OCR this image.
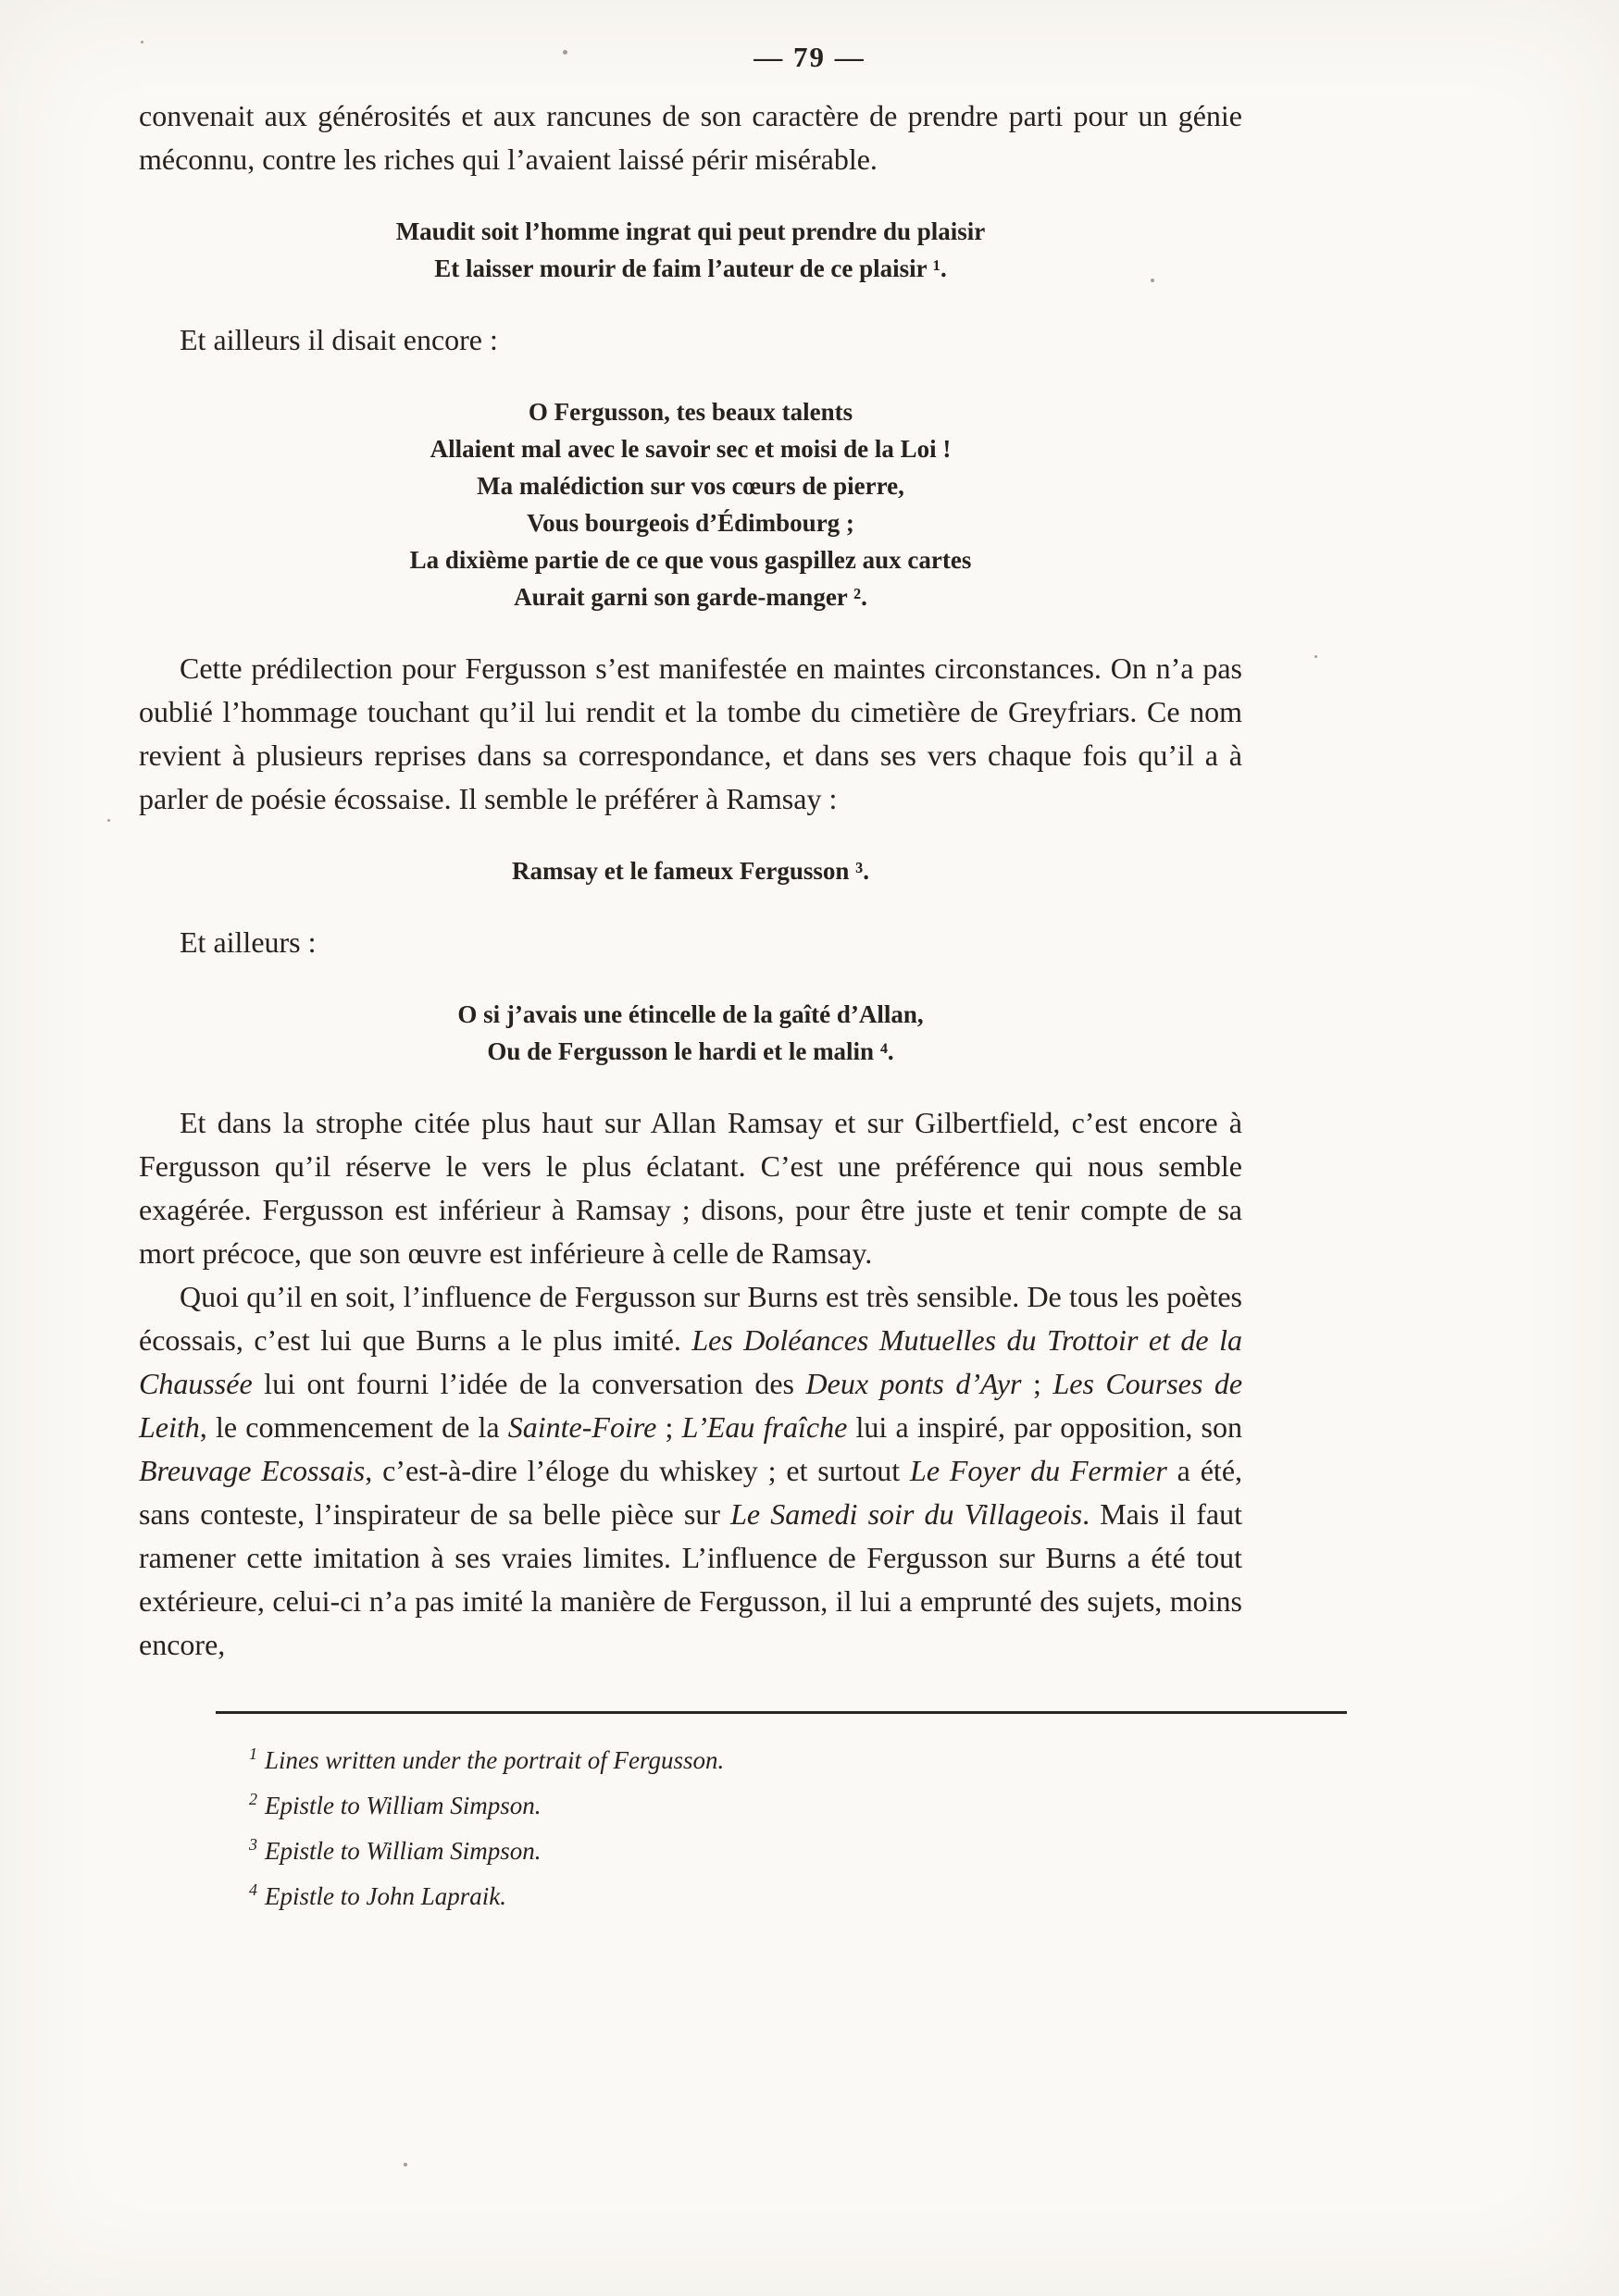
— 79 —

convenait aux générosités et aux rancunes de son caractère de prendre parti pour un génie méconnu, contre les riches qui l’avaient laissé périr misérable.

Maudit soit l’homme ingrat qui peut prendre du plaisir
Et laisser mourir de faim l’auteur de ce plaisir ¹.

Et ailleurs il disait encore :

O Fergusson, tes beaux talents
Allaient mal avec le savoir sec et moisi de la Loi !
Ma malédiction sur vos cœurs de pierre,
Vous bourgeois d’Édimbourg ;
La dixième partie de ce que vous gaspillez aux cartes
Aurait garni son garde-manger ².

Cette prédilection pour Fergusson s’est manifestée en maintes circonstances. On n’a pas oublié l’hommage touchant qu’il lui rendit et la tombe du cimetière de Greyfriars. Ce nom revient à plusieurs reprises dans sa correspondance, et dans ses vers chaque fois qu’il a à parler de poésie écossaise. Il semble le préférer à Ramsay :

Ramsay et le fameux Fergusson ³.

Et ailleurs :

O si j’avais une étincelle de la gaîté d’Allan,
Ou de Fergusson le hardi et le malin ⁴.

Et dans la strophe citée plus haut sur Allan Ramsay et sur Gilbertfield, c’est encore à Fergusson qu’il réserve le vers le plus éclatant. C’est une préférence qui nous semble exagérée. Fergusson est inférieur à Ramsay ; disons, pour être juste et tenir compte de sa mort précoce, que son œuvre est inférieure à celle de Ramsay.

Quoi qu’il en soit, l’influence de Fergusson sur Burns est très sensible. De tous les poètes écossais, c’est lui que Burns a le plus imité. Les Doléances Mutuelles du Trottoir et de la Chaussée lui ont fourni l’idée de la conversation des Deux ponts d’Ayr ; Les Courses de Leith, le commencement de la Sainte-Foire ; L’Eau fraîche lui a inspiré, par opposition, son Breuvage Ecossais, c’est-à-dire l’éloge du whiskey ; et surtout Le Foyer du Fermier a été, sans conteste, l’inspirateur de sa belle pièce sur Le Samedi soir du Villageois. Mais il faut ramener cette imitation à ses vraies limites. L’influence de Fergusson sur Burns a été tout extérieure, celui-ci n’a pas imité la manière de Fergusson, il lui a emprunté des sujets, moins encore,

$^1$ Lines written under the portrait of Fergusson.
$^2$ Epistle to William Simpson.
$^3$ Epistle to William Simpson.
$^4$ Epistle to John Lapraik.
